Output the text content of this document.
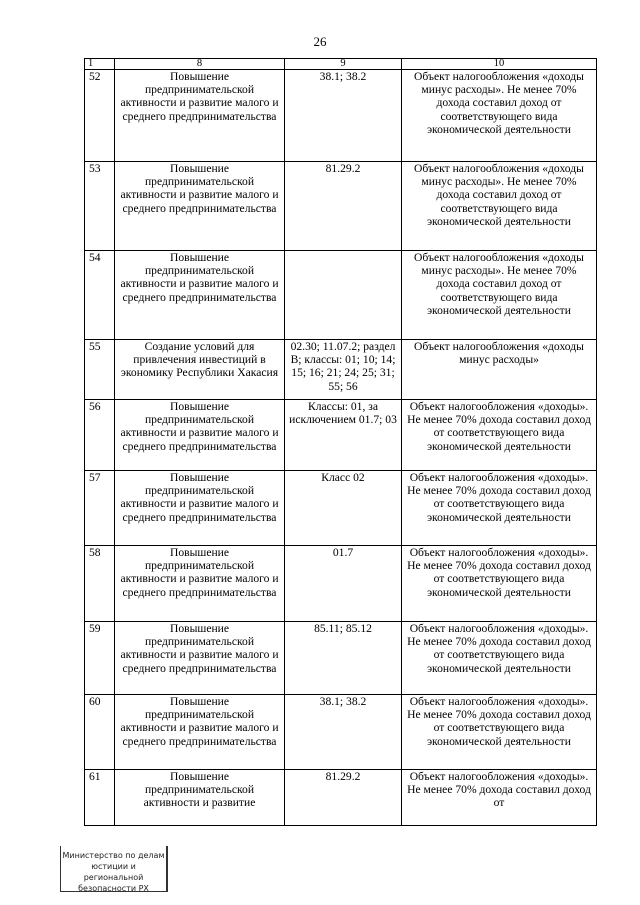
26
1	8	9	10

52	Повышение предпринимательской активности и развитие малого и среднего предпринимательства	38.1; 38.2	Объект налогообложения «доходы минус расходы». Не менее 70% дохода составил доход от соответствующего вида экономической деятельности

53	Повышение предпринимательской активности и развитие малого и среднего предпринимательства	81.29.2	Объект налогообложения «доходы минус расходы». Не менее 70% дохода составил доход от соответствующего вида экономической деятельности

54	Повышение предпринимательской активности и развитие малого и среднего предпринимательства		Объект налогообложения «доходы минус расходы». Не менее 70% дохода составил доход от соответствующего вида экономической деятельности

55	Создание условий для привлечения инвестиций в экономику Республики Хакасия	02.30; 11.07.2; раздел В; классы: 01; 10; 14; 15; 16; 21; 24; 25; 31; 55; 56	Объект налогообложения «доходы минус расходы»

56	Повышение предпринимательской активности и развитие малого и среднего предпринимательства	Классы: 01, за исключением 01.7; 03	Объект налогообложения «доходы». Не менее 70% дохода составил доход от соответствующего вида экономической деятельности

57	Повышение предпринимательской активности и развитие малого и среднего предпринимательства	Класс 02	Объект налогообложения «доходы». Не менее 70% дохода составил доход от соответствующего вида экономической деятельности

58	Повышение предпринимательской активности и развитие малого и среднего предпринимательства	01.7	Объект налогообложения «доходы». Не менее 70% дохода составил доход от соответствующего вида экономической деятельности

59	Повышение предпринимательской активности и развитие малого и среднего предпринимательства	85.11; 85.12	Объект налогообложения «доходы». Не менее 70% дохода составил доход от соответствующего вида экономической деятельности

60	Повышение предпринимательской активности и развитие малого и среднего предпринимательства	38.1; 38.2	Объект налогообложения «доходы». Не менее 70% дохода составил доход от соответствующего вида экономической деятельности

61	Повышение предпринимательской активности и развитие	81.29.2	Объект налогообложения «доходы». Не менее 70% дохода составил доход от
Министерство по делам
юстиции и региональной
безопасности РХ
